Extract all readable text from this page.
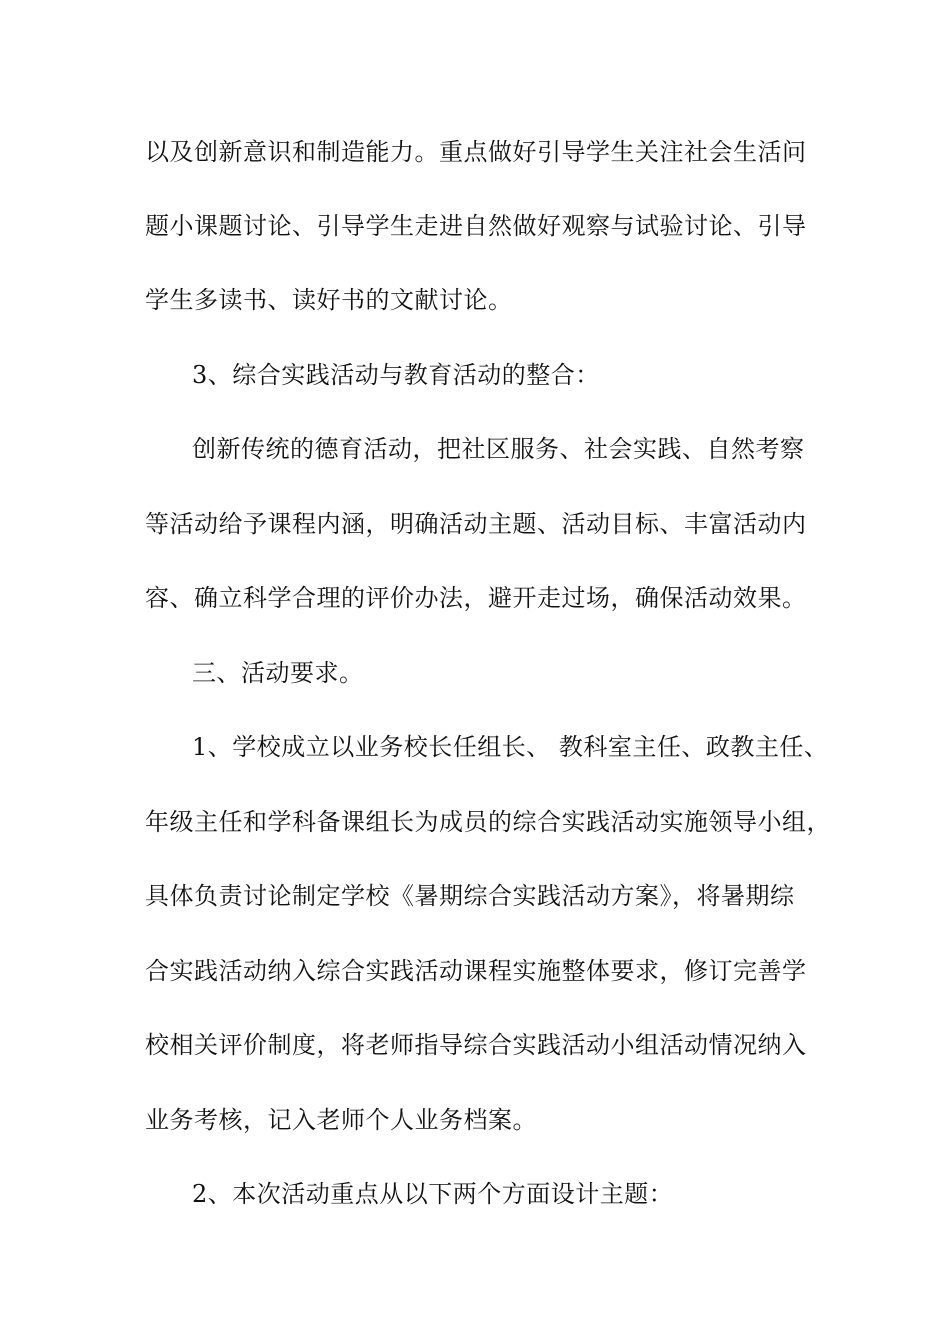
以及创新意识和制造能力。重点做好引导学生关注社会生活问
题小课题讨论、引导学生走进自然做好观察与试验讨论、引导
学生多读书、读好书的文献讨论。
3、综合实践活动与教育活动的整合：
创新传统的德育活动，把社区服务、社会实践、自然考察
等活动给予课程内涵，明确活动主题、活动目标、丰富活动内
容、确立科学合理的评价办法，避开走过场，确保活动效果。
三、活动要求。
1、学校成立以业务校长任组长、 教科室主任、政教主任、
年级主任和学科备课组长为成员的综合实践活动实施领导小组，
具体负责讨论制定学校《暑期综合实践活动方案》，将暑期综
合实践活动纳入综合实践活动课程实施整体要求，修订完善学
校相关评价制度，将老师指导综合实践活动小组活动情况纳入
业务考核，记入老师个人业务档案。
2、本次活动重点从以下两个方面设计主题：
